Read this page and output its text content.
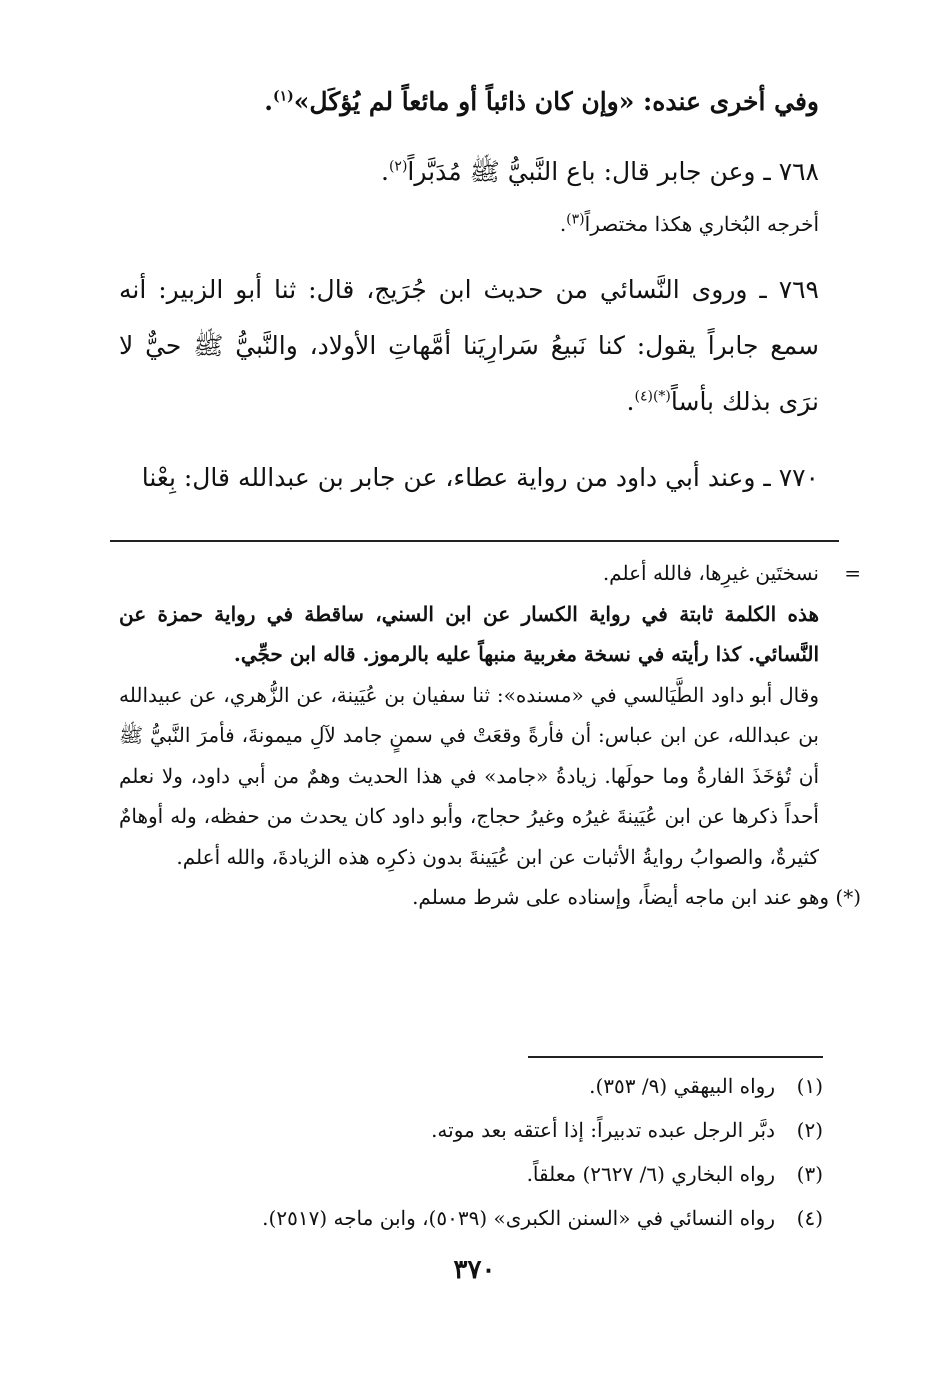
وفي أخرى عنده: «وإن كان ذائباً أو مائعاً لم يُؤكَل»$^{(١)}$.

٧٦٨ ـ وعن جابر قال: باع النَّبيُّ ﷺ مُدَبَّراً$^{(٢)}$.

أخرجه البُخاري هكذا مختصراً$^{(٣)}$.

٧٦٩ ـ وروى النَّسائي من حديث ابن جُرَيج، قال: ثنا أبو الزبير: أنه سمع جابراً يقول: كنا نَبيعُ سَرارِيَنا أمَّهاتِ الأولاد، والنَّبيُّ ﷺ حيٌّ لا نرَى بذلك بأساً$^{(*)(٤)}$.

٧٧٠ ـ وعند أبي داود من رواية عطاء، عن جابر بن عبدالله قال: بِعْنا

=

نسختَين غيرِها، فالله أعلم.

هذه الكلمة ثابتة في رواية الكسار عن ابن السني، ساقطة في رواية حمزة عن النَّسائي. كذا رأيته في نسخة مغربية منبهاً عليه بالرموز. قاله ابن حجِّي.

وقال أبو داود الطَّيَالسي في «مسنده»: ثنا سفيان بن عُيَينة، عن الزُّهري، عن عبيدالله بن عبدالله، عن ابن عباس: أن فأرةً وقعَتْ في سمنٍ جامد لآلِ ميمونةَ، فأمرَ النَّبيُّ ﷺ أن تُؤخَذَ الفارةُ وما حولَها. زيادةُ «جامد» في هذا الحديث وهمٌ من أبي داود، ولا نعلم أحداً ذكرها عن ابن عُيَينةَ غيرُه وغيرُ حجاج، وأبو داود كان يحدث من حفظه، وله أوهامٌ كثيرةٌ، والصوابُ روايةُ الأثبات عن ابن عُيَينةَ بدون ذكرِه هذه الزيادةَ، والله أعلم.

(*) وهو عند ابن ماجه أيضاً، وإسناده على شرط مسلم.

(١)
رواه البيهقي (٩/ ٣٥٣).

(٢)
دبَّر الرجل عبده تدبيراً: إذا أعتقه بعد موته.

(٣)
رواه البخاري (٦/ ٢٦٢٧) معلقاً.

(٤)
رواه النسائي في «السنن الكبرى» (٥٠٣٩)، وابن ماجه (٢٥١٧).

٣٧٠
